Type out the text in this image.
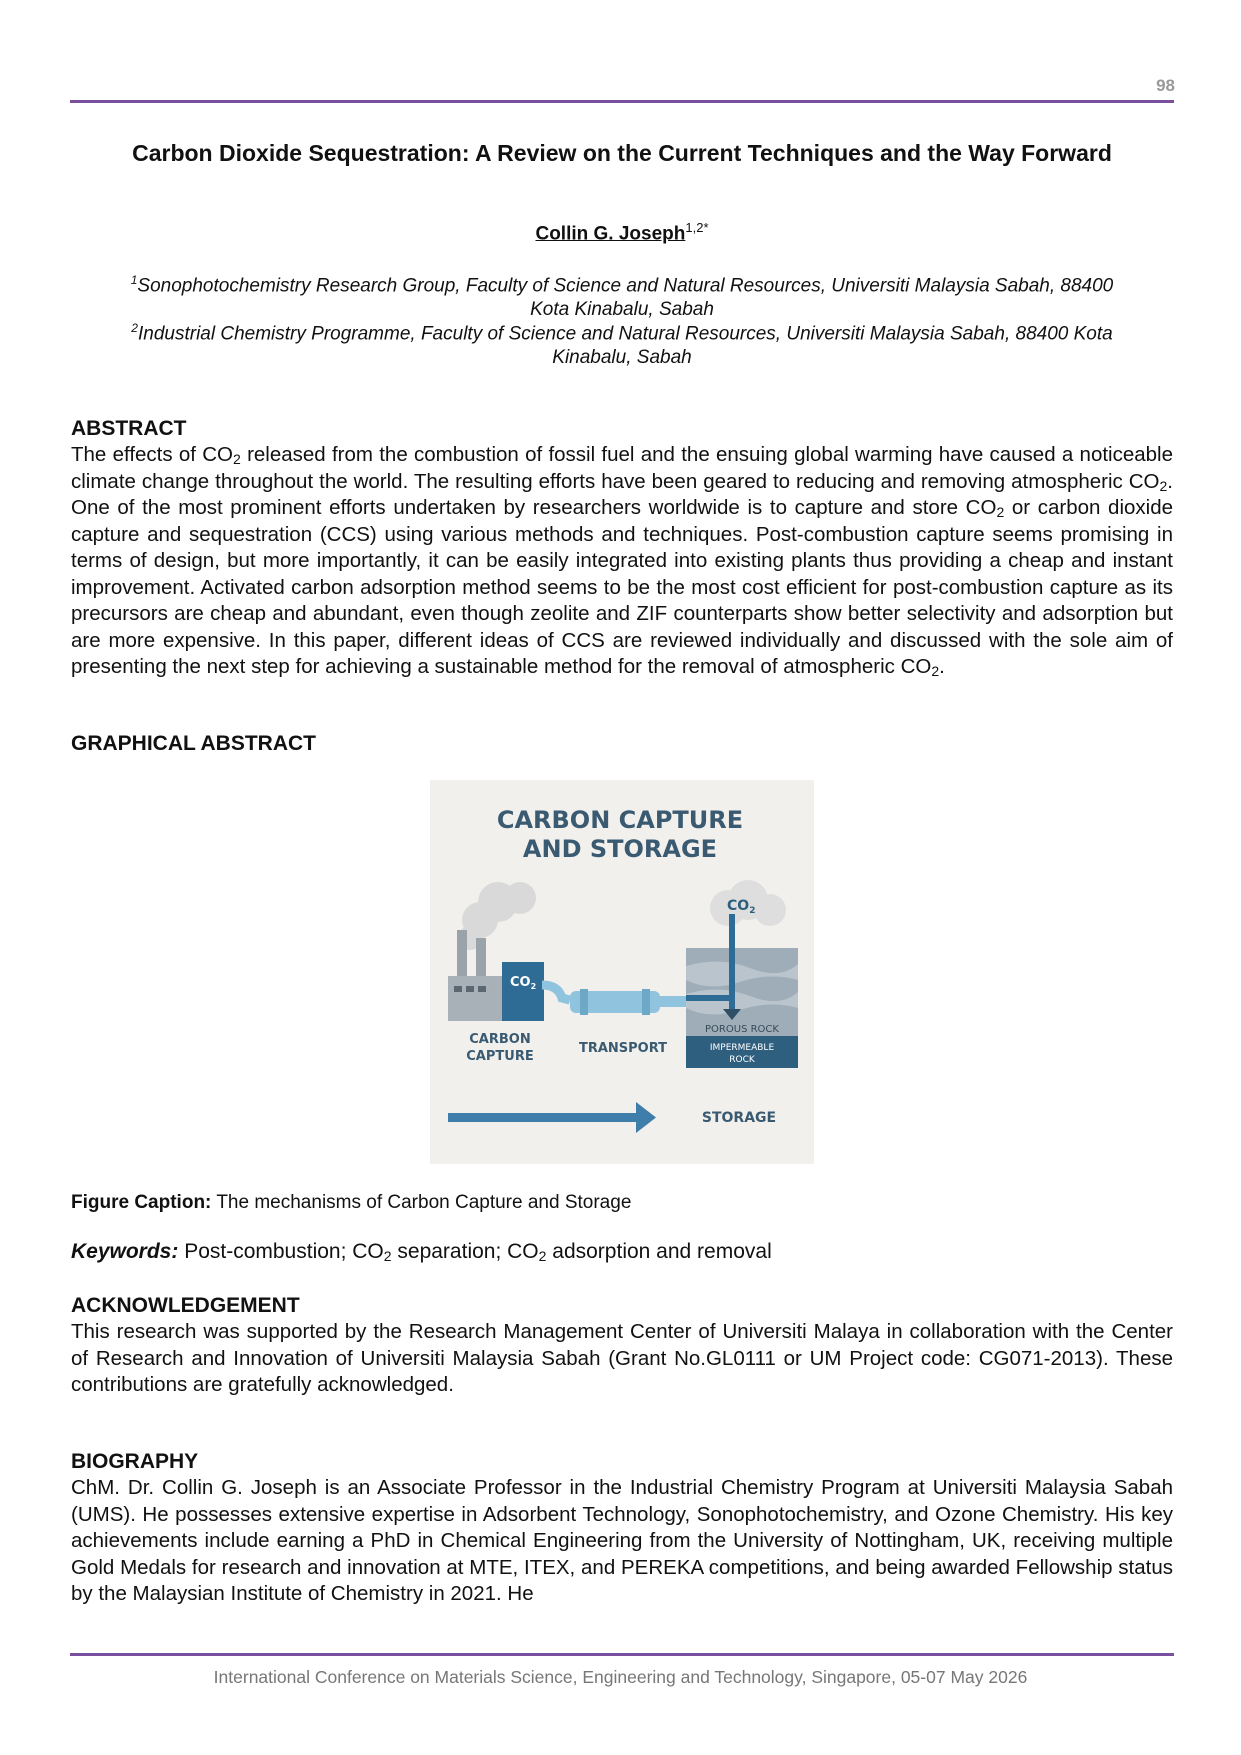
98
Carbon Dioxide Sequestration: A Review on the Current Techniques and the Way Forward
Collin G. Joseph$^{1,2*}$
$^1$Sonophotochemistry Research Group, Faculty of Science and Natural Resources, Universiti Malaysia Sabah, 88400
Kota Kinabalu, Sabah
$^2$Industrial Chemistry Programme, Faculty of Science and Natural Resources, Universiti Malaysia Sabah, 88400 Kota
Kinabalu, Sabah
ABSTRACT

The effects of $CO_2$ released from the combustion of fossil fuel and the ensuing global warming have caused a noticeable climate change throughout the world. The resulting efforts have been geared to reducing and removing atmospheric $CO_2$. One of the most prominent efforts undertaken by researchers worldwide is to capture and store $CO_2$ or carbon dioxide capture and sequestration (CCS) using various methods and techniques. Post-combustion capture seems promising in terms of design, but more importantly, it can be easily integrated into existing plants thus providing a cheap and instant improvement. Activated carbon adsorption method seems to be the most cost efficient for post-combustion capture as its precursors are cheap and abundant, even though zeolite and ZIF counterparts show better selectivity and adsorption but are more expensive. In this paper, different ideas of CCS are reviewed individually and discussed with the sole aim of presenting the next step for achieving a sustainable method for the removal of atmospheric $CO_2$.

GRAPHICAL ABSTRACT
CARBON CAPTURE
AND STORAGE
$CO_2$
$CO_2$
CARBON
CAPTURE
TRANSPORT
POROUS ROCK
IMPERMEABLE
ROCK
STORAGE
Figure Caption: The mechanisms of Carbon Capture and Storage
Keywords: Post-combustion; $CO_2$ separation; $CO_2$ adsorption and removal
ACKNOWLEDGEMENT

This research was supported by the Research Management Center of Universiti Malaya in collaboration with the Center of Research and Innovation of Universiti Malaysia Sabah (Grant No.GL0111 or UM Project code: CG071-2013). These contributions are gratefully acknowledged.

BIOGRAPHY

ChM. Dr. Collin G. Joseph is an Associate Professor in the Industrial Chemistry Program at Universiti Malaysia Sabah (UMS). He possesses extensive expertise in Adsorbent Technology, Sonophotochemistry, and Ozone Chemistry. His key achievements include earning a PhD in Chemical Engineering from the University of Nottingham, UK, receiving multiple Gold Medals for research and innovation at MTE, ITEX, and PEREKA competitions, and being awarded Fellowship status by the Malaysian Institute of Chemistry in 2021. He

International Conference on Materials Science, Engineering and Technology, Singapore, 05-07 May 2026
